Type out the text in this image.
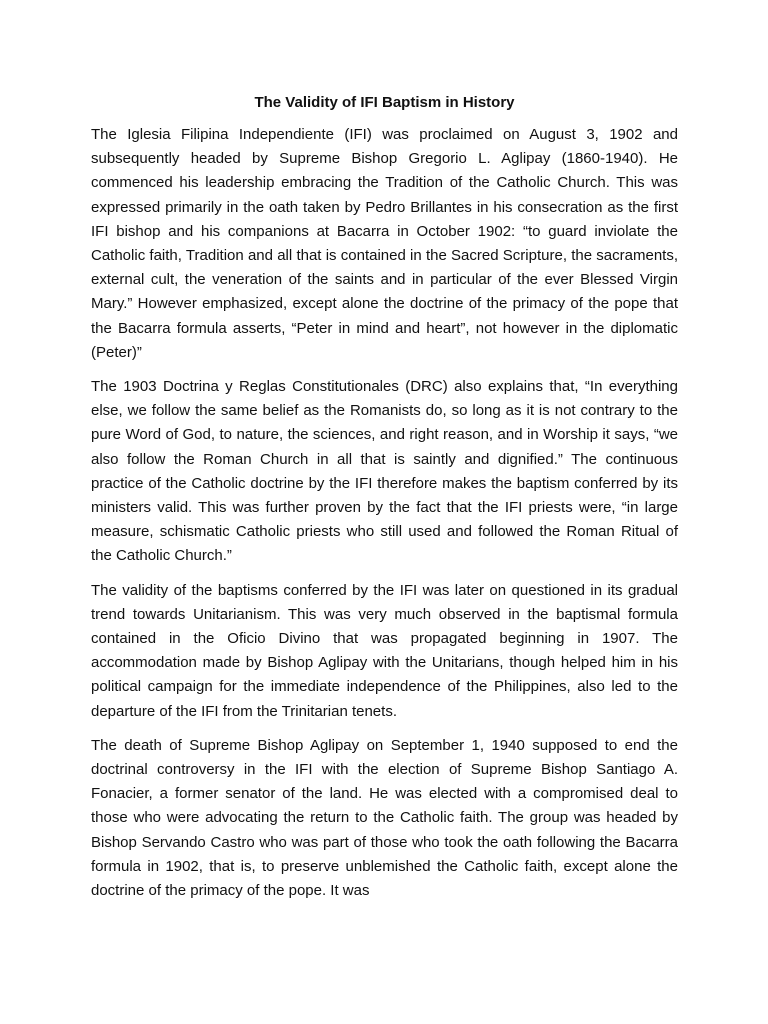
The Validity of IFI Baptism in History

The Iglesia Filipina Independiente (IFI) was proclaimed on August 3, 1902 and subsequently headed by Supreme Bishop Gregorio L. Aglipay (1860-1940). He commenced his leadership embracing the Tradition of the Catholic Church. This was expressed primarily in the oath taken by Pedro Brillantes in his consecration as the first IFI bishop and his companions at Bacarra in October 1902: “to guard inviolate the Catholic faith, Tradition and all that is contained in the Sacred Scripture, the sacraments, external cult, the veneration of the saints and in particular of the ever Blessed Virgin Mary.” However emphasized, except alone the doctrine of the primacy of the pope that the Bacarra formula asserts, “Peter in mind and heart”, not however in the diplomatic (Peter)”

The 1903 Doctrina y Reglas Constitutionales (DRC) also explains that, “In everything else, we follow the same belief as the Romanists do, so long as it is not contrary to the pure Word of God, to nature, the sciences, and right reason, and in Worship it says, “we also follow the Roman Church in all that is saintly and dignified.” The continuous practice of the Catholic doctrine by the IFI therefore makes the baptism conferred by its ministers valid. This was further proven by the fact that the IFI priests were, “in large measure, schismatic Catholic priests who still used and followed the Roman Ritual of the Catholic Church.”

The validity of the baptisms conferred by the IFI was later on questioned in its gradual trend towards Unitarianism. This was very much observed in the baptismal formula contained in the Oficio Divino that was propagated beginning in 1907. The accommodation made by Bishop Aglipay with the Unitarians, though helped him in his political campaign for the immediate independence of the Philippines, also led to the departure of the IFI from the Trinitarian tenets.

The death of Supreme Bishop Aglipay on September 1, 1940 supposed to end the doctrinal controversy in the IFI with the election of Supreme Bishop Santiago A. Fonacier, a former senator of the land. He was elected with a compromised deal to those who were advocating the return to the Catholic faith. The group was headed by Bishop Servando Castro who was part of those who took the oath following the Bacarra formula in 1902, that is, to preserve unblemished the Catholic faith, except alone the doctrine of the primacy of the pope. It was
